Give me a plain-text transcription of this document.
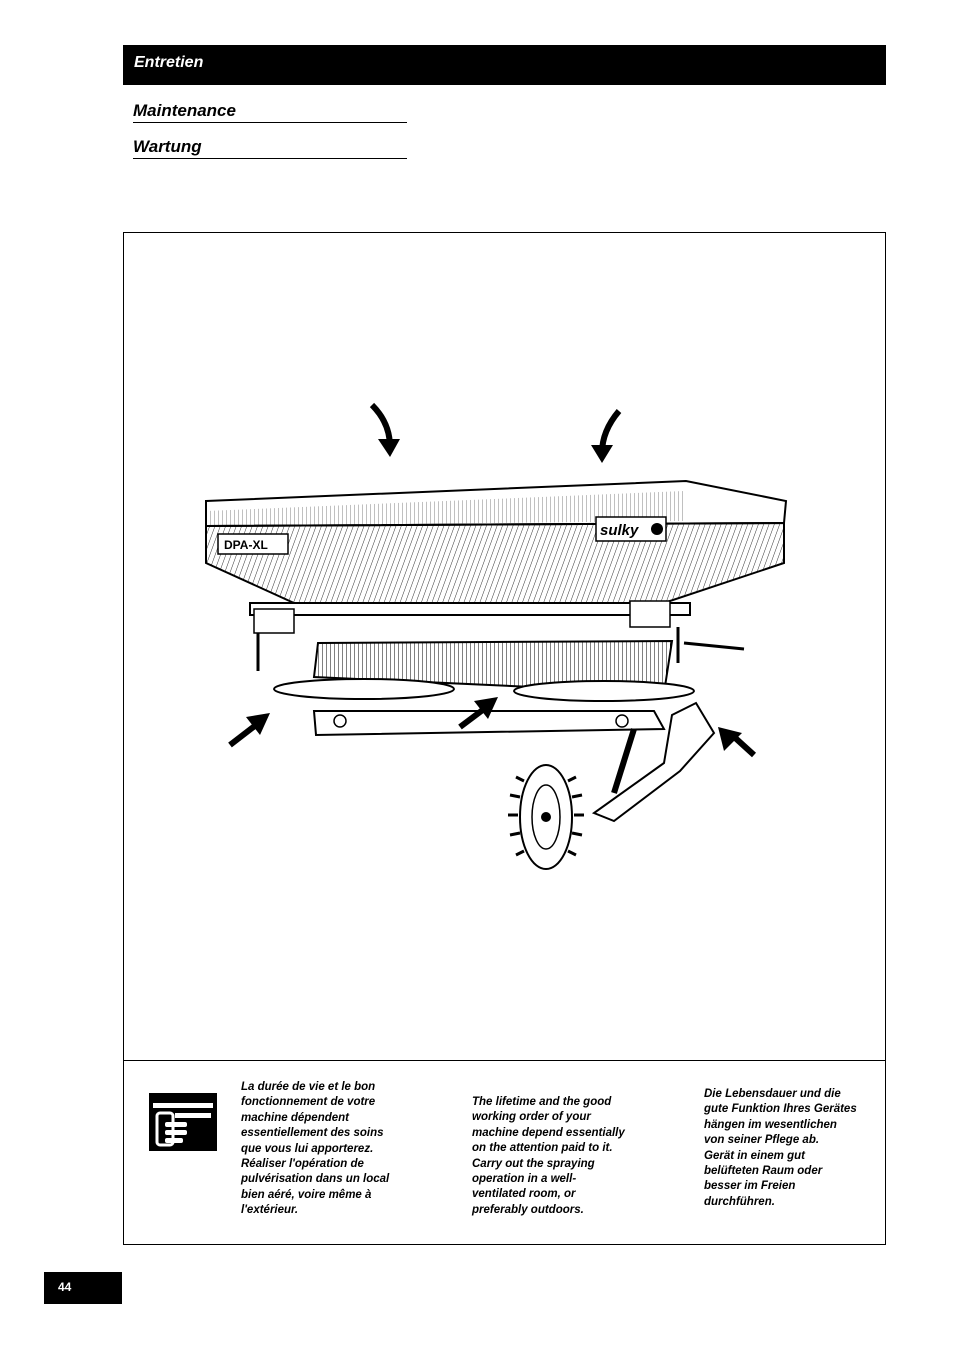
Entretien
Maintenance
Wartung
DPA-XL
sulky
La durée de vie et le bon
fonctionnement de votre
machine dépendent
essentiellement des soins
que vous lui apporterez.
Réaliser l'opération de
pulvérisation dans un local
bien aéré, voire même à
l'extérieur.
The lifetime and the good
working order of your
machine depend essentially
on the attention paid to it.
Carry out the spraying
operation in a well-
ventilated room, or
preferably outdoors.
Die Lebensdauer und die
gute Funktion Ihres Gerätes
hängen im wesentlichen
von seiner Pflege ab.
Gerät in einem gut
belüfteten Raum oder
besser im Freien
durchführen.
44
